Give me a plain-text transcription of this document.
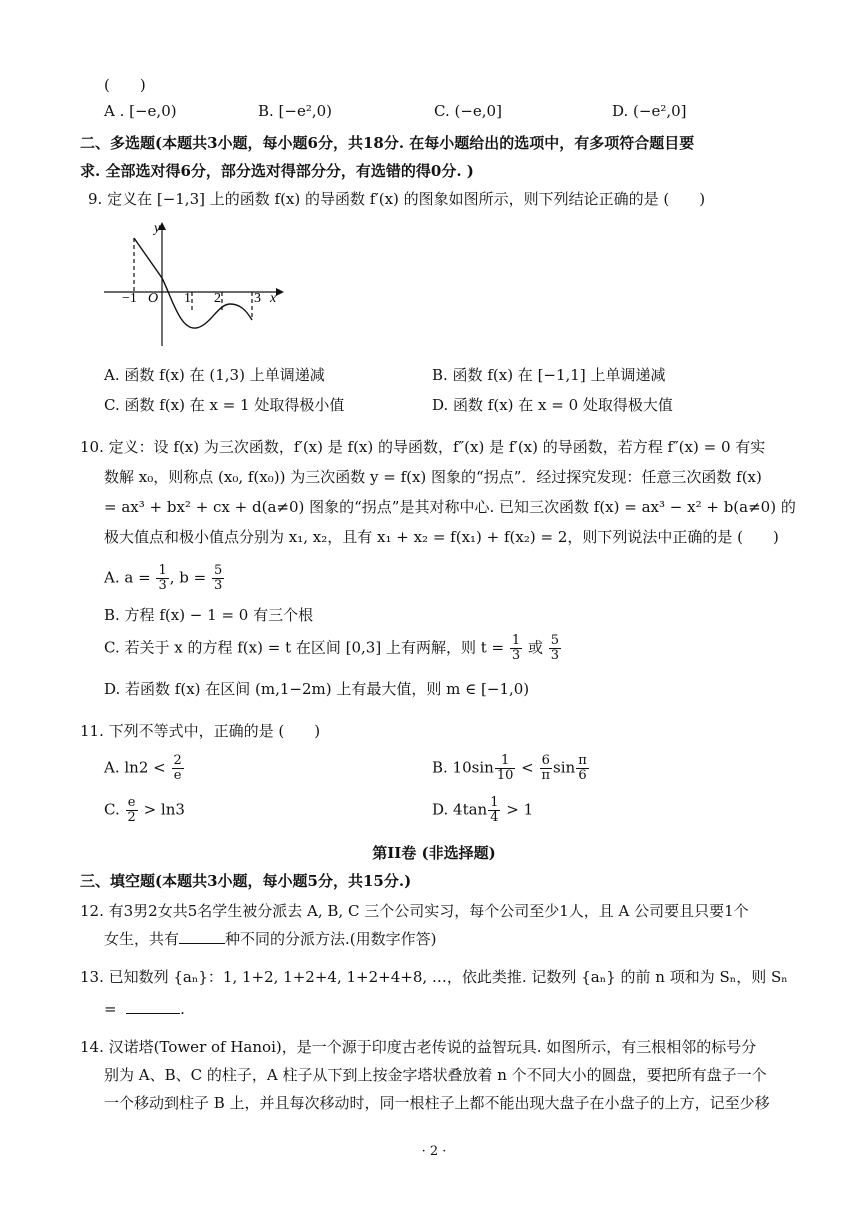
(　　)
A . [−e,0)	B. [−e²,0)	C. (−e,0]	D. (−e²,0]
二、多选题(本题共3小题，每小题6分，共18分. 在每小题给出的选项中，有多项符合题目要
求. 全部选对得6分，部分选对得部分分，有选错的得0分. )
9. 定义在 [−1,3] 上的函数 f(x) 的导函数 f′(x) 的图象如图所示，则下列结论正确的是 (　　)
y
x
O
−1	1 2 3
A. 函数 f(x) 在 (1,3) 上单调递减	B. 函数 f(x) 在 [−1,1] 上单调递减
C. 函数 f(x) 在 x = 1 处取得极小值	D. 函数 f(x) 在 x = 0 处取得极大值
10. 定义：设 f(x) 为三次函数，f′(x) 是 f(x) 的导函数，f″(x) 是 f′(x) 的导函数，若方程 f″(x) = 0 有实
数解 x₀，则称点 (x₀, f(x₀)) 为三次函数 y = f(x) 图象的“拐点”．经过探究发现：任意三次函数 f(x)
= ax³ + bx² + cx + d(a≠0) 图象的“拐点”是其对称中心. 已知三次函数 f(x) = ax³ − x² + b(a≠0) 的
极大值点和极小值点分别为 x₁, x₂，且有 x₁ + x₂ = f(x₁) + f(x₂) = 2，则下列说法中正确的是 (　　)
A. $a = \frac{1}{3}$ , $b = \frac{5}{3}$
B. 方程 f(x) − 1 = 0 有三个根
C. 若关于 x 的方程 f(x) = t 在区间 [0,3] 上有两解，则 $t = \frac{1}{3}$ 或 $\frac{5}{3}$
D. 若函数 f(x) 在区间 (m,1−2m) 上有最大值，则 m ∈ [−1,0)
11. 下列不等式中，正确的是 (　　)
A. $\ln 2 < \frac{2}{e}$	B. $10\sin \frac{1}{10} < \frac{6}{\pi}$ $\sin \frac{\pi}{6}$
C. $\frac{e}{2} > \ln 3$	D. $4\tan \frac{1}{4} > 1$
第II卷 (非选择题)
三、填空题(本题共3小题，每小题5分，共15分.)
12. 有3男2女共5名学生被分派去 A, B, C 三个公司实习，每个公司至少1人，且 A 公司要且只要1个
女生，共有	种不同的分派方法.(用数字作答)
13. 已知数列 {aₙ}：1, 1+2, 1+2+4, 1+2+4+8, …，依此类推. 记数列 {aₙ} 的前 n 项和为 Sₙ，则 Sₙ
=	.
14. 汉诺塔(Tower of Hanoi)，是一个源于印度古老传说的益智玩具. 如图所示，有三根相邻的标号分
别为 A、B、C 的柱子，A 柱子从下到上按金字塔状叠放着 n 个不同大小的圆盘，要把所有盘子一个
一个移动到柱子 B 上，并且每次移动时，同一根柱子上都不能出现大盘子在小盘子的上方，记至少移
· 2 ·
